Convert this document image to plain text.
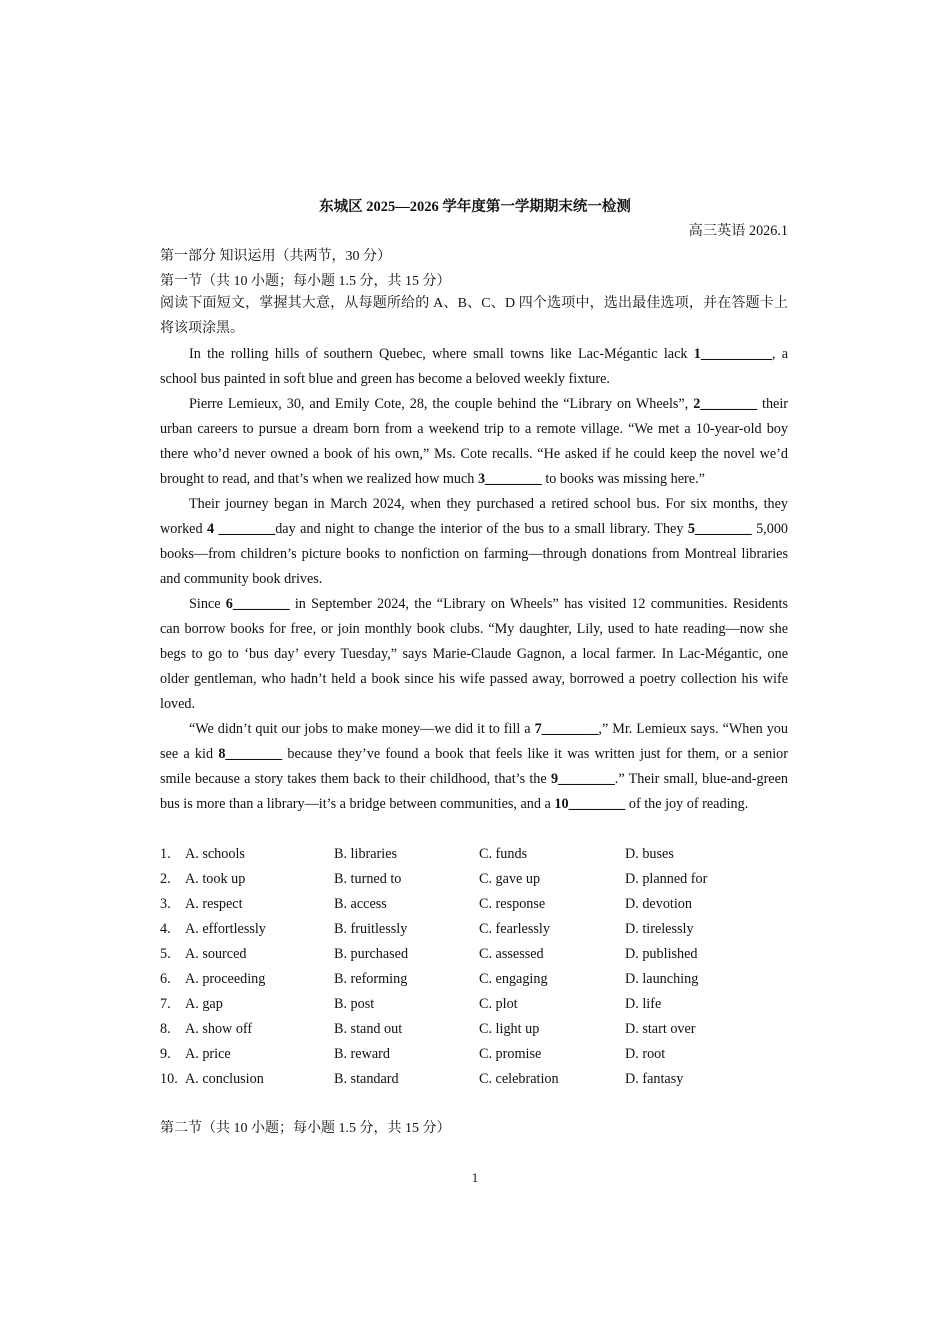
东城区 2025—2026 学年度第一学期期末统一检测
高三英语 2026.1
第一部分 知识运用（共两节，30 分）
第一节（共 10 小题；每小题 1.5 分，共 15 分）
阅读下面短文，掌握其大意，从每题所给的 A、B、C、D 四个选项中，选出最佳选项，并在答题卡上将该项涂黑。
In the rolling hills of southern Quebec, where small towns like Lac-Mégantic lack 1__________, a school bus painted in soft blue and green has become a beloved weekly fixture.
Pierre Lemieux, 30, and Emily Cote, 28, the couple behind the “Library on Wheels”, 2________ their urban careers to pursue a dream born from a weekend trip to a remote village. “We met a 10-year-old boy there who’d never owned a book of his own,” Ms. Cote recalls. “He asked if he could keep the novel we’d brought to read, and that’s when we realized how much 3________ to books was missing here.”
Their journey began in March 2024, when they purchased a retired school bus. For six months, they worked 4 ________day and night to change the interior of the bus to a small library. They 5________ 5,000 books—from children’s picture books to nonfiction on farming—through donations from Montreal libraries and community book drives.
Since 6________ in September 2024, the “Library on Wheels” has visited 12 communities. Residents can borrow books for free, or join monthly book clubs. “My daughter, Lily, used to hate reading—now she begs to go to ‘bus day’ every Tuesday,” says Marie-Claude Gagnon, a local farmer. In Lac-Mégantic, one older gentleman, who hadn’t held a book since his wife passed away, borrowed a poetry collection his wife loved.
“We didn’t quit our jobs to make money—we did it to fill a 7________,” Mr. Lemieux says. “When you see a kid 8________ because they’ve found a book that feels like it was written just for them, or a senior smile because a story takes them back to their childhood, that’s the 9________.” Their small, blue-and-green bus is more than a library—it’s a bridge between communities, and a 10________ of the joy of reading.
1. A. schools	B. libraries	C. funds	D. buses
2. A. took up	B. turned to	C. gave up	D. planned for
3. A. respect	B. access	C. response	D. devotion
4. A. effortlessly	B. fruitlessly	C. fearlessly	D. tirelessly
5. A. sourced	B. purchased	C. assessed	D. published
6. A. proceeding	B. reforming	C. engaging	D. launching
7. A. gap	B. post	C. plot	D. life
8. A. show off	B. stand out	C. light up	D. start over
9. A. price	B. reward	C. promise	D. root
10. A. conclusion	B. standard	C. celebration	D. fantasy
第二节（共 10 小题；每小题 1.5 分，共 15 分）
1
